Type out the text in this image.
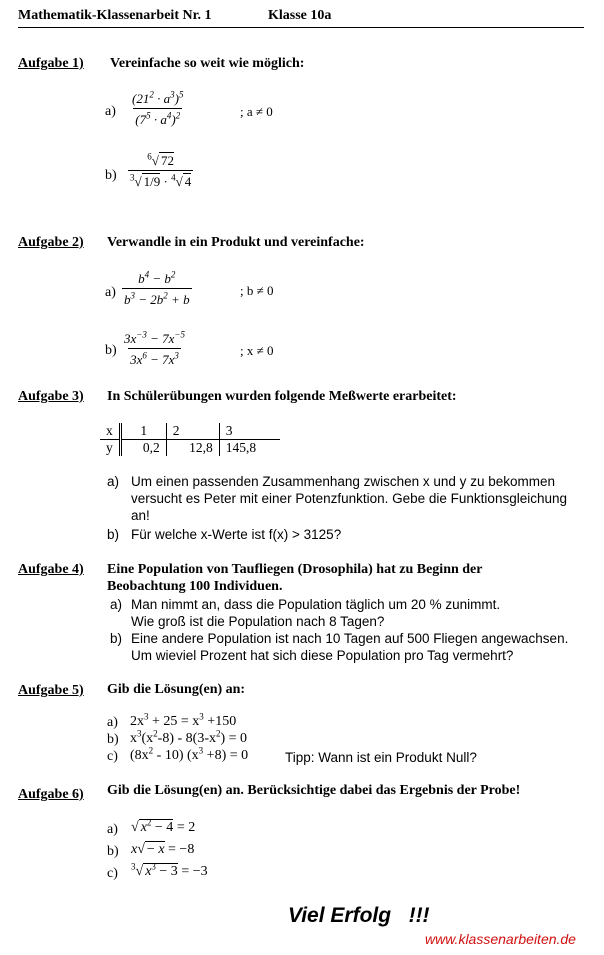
Mathematik-Klassenarbeit Nr. 1	Klasse 10a
Aufgabe 1) Vereinfache so weit wie möglich:
$a) \frac{(21^2 \cdot a^3)^5}{(7^5 \cdot a^4)^2}$	; a ≠ 0
$b) \frac{^6√ 72}{^3√ 1/9 \cdot ^4√ 4}$
Aufgabe 2) Verwandle in ein Produkt und vereinfache:
$a) \frac{b^4 - b^2}{b^3 - 2b^2 + b}$	; b ≠ 0
$b) \frac{3x^{-3} - 7x^{-5}}{3x^6 - 7x^3}$	; x ≠ 0
Aufgabe 3) In Schülerübungen wurden folgende Meßwerte erarbeitet:
x	1	2	3
y	0,2	12,8	145,8
a) Um einen passenden Zusammenhang zwischen x und y zu bekommen
versucht es Peter mit einer Potenzfunktion. Gebe die Funktionsgleichung
an!
b) Für welche x-Werte ist f(x) > 3125?
Aufgabe 4) Eine Population von Taufliegen (Drosophila) hat zu Beginn der
Beobachtung 100 Individuen.
a) Man nimmt an, dass die Population täglich um 20 % zunimmt.
Wie groß ist die Population nach 8 Tagen?
b) Eine andere Population ist nach 10 Tagen auf 500 Fliegen angewachsen.
Um wieviel Prozent hat sich diese Population pro Tag vermehrt?
Aufgabe 5) Gib die Lösung(en) an:
a) $2x^3 + 25 = x^3 +150$
b) $x^3(x^2-8) - 8(3-x^2) = 0$
c) $(8x^2 - 10)$ $(x^3 +8) = 0$	Tipp: Wann ist ein Produkt Null?
Aufgabe 6) Gib die Lösung(en) an. Berücksichtige dabei das Ergebnis der Probe!
a) √ $x^2 - 4 = 2$
b) x√ − x = −8
c) $^3$√ $x^3 - 3 = -3$
Viel Erfolg   !!!
www.klassenarbeiten.de
